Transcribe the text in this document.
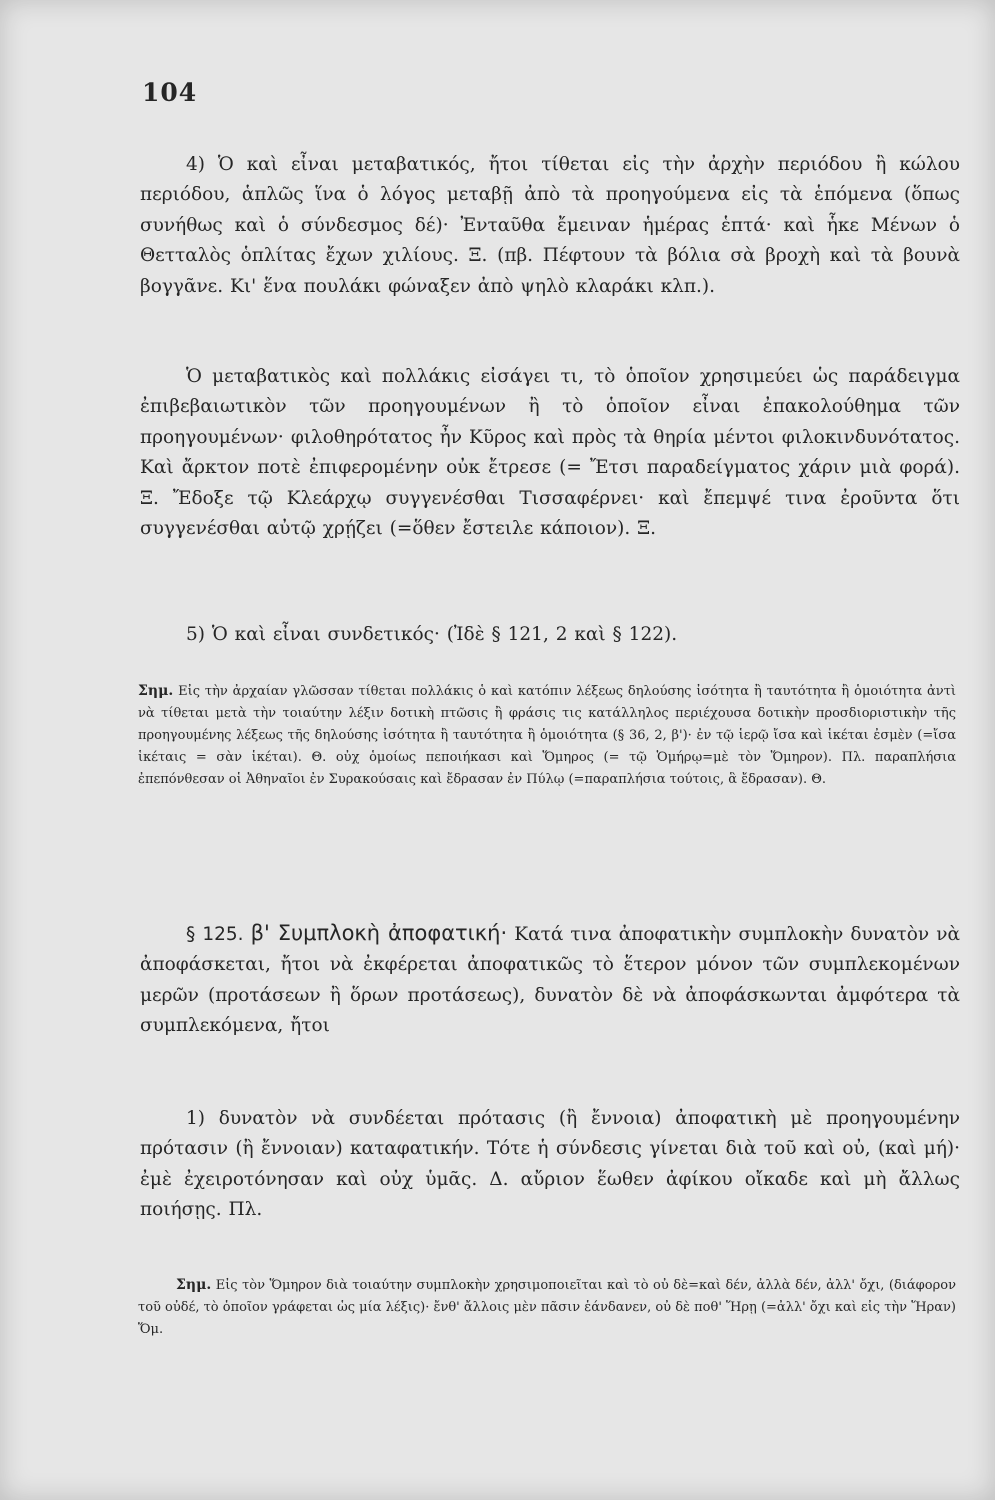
104
4) Ὁ καὶ εἶναι μεταβατικός, ἤτοι τίθεται εἰς τὴν ἀρχὴν περιόδου ἢ κώλου περιόδου, ἁπλῶς ἵνα ὁ λόγος μεταβῇ ἀπὸ τὰ προηγούμενα εἰς τὰ ἑπόμενα (ὅπως συνήθως καὶ ὁ σύνδεσμος δέ)· Ἐνταῦθα ἔμειναν ἡμέρας ἑπτά· καὶ ἧκε Μένων ὁ Θετταλὸς ὁπλίτας ἔχων χιλίους. Ξ. (πβ. Πέφτουν τὰ βόλια σὰ βροχὴ καὶ τὰ βουνὰ βογγᾶνε. Κι' ἕνα πουλάκι φώναξεν ἀπὸ ψηλὸ κλαράκι κλπ.).
Ὁ μεταβατικὸς καὶ πολλάκις εἰσάγει τι, τὸ ὁποῖον χρησιμεύει ὡς παράδειγμα ἐπιβεβαιωτικὸν τῶν προηγουμένων ἢ τὸ ὁποῖον εἶναι ἐπακολούθημα τῶν προηγουμένων· φιλοθηρότατος ἦν Κῦρος καὶ πρὸς τὰ θηρία μέντοι φιλοκινδυνότατος. Καὶ ἄρκτον ποτὲ ἐπιφερομένην οὐκ ἔτρεσε (= Ἔτσι παραδείγματος χάριν μιὰ φορά). Ξ. Ἔδοξε τῷ Κλεάρχῳ συγγενέσθαι Τισσαφέρνει· καὶ ἔπεμψέ τινα ἐροῦντα ὅτι συγγενέσθαι αὐτῷ χρῄζει (=ὅθεν ἔστειλε κάποιον). Ξ.
5) Ὁ καὶ εἶναι συνδετικός· (Ἰδὲ § 121, 2 καὶ § 122).
Σημ. Εἰς τὴν ἀρχαίαν γλῶσσαν τίθεται πολλάκις ὁ καὶ κατόπιν λέξεως δηλούσης ἰσότητα ἢ ταυτότητα ἢ ὁμοιότητα ἀντὶ νὰ τίθεται μετὰ τὴν τοιαύτην λέξιν δοτικὴ πτῶσις ἢ φράσις τις κατάλληλος περιέχουσα δοτικὴν προσδιοριστικὴν τῆς προηγουμένης λέξεως τῆς δηλούσης ἰσότητα ἢ ταυτότητα ἢ ὁμοιότητα (§ 36, 2, β')· ἐν τῷ ἱερῷ ἴσα καὶ ἱκέται ἐσμὲν (=ἴσα ἱκέταις = σὰν ἱκέται). Θ. οὐχ ὁμοίως πεποιήκασι καὶ Ὅμηρος (= τῷ Ὁμήρῳ=μὲ τὸν Ὅμηρον). Πλ. παραπλήσια ἐπεπόνθεσαν οἱ Ἀθηναῖοι ἐν Συρακούσαις καὶ ἔδρασαν ἐν Πύλῳ (=παραπλήσια τούτοις, ἃ ἔδρασαν). Θ.
§ 125. β' Συμπλοκὴ ἀποφατική· Κατά τινα ἀποφατικὴν συμπλοκὴν δυνατὸν νὰ ἀποφάσκεται, ἤτοι νὰ ἐκφέρεται ἀποφατικῶς τὸ ἕτερον μόνον τῶν συμπλεκομένων μερῶν (προτάσεων ἢ ὅρων προτάσεως), δυνατὸν δὲ νὰ ἀποφάσκωνται ἀμφότερα τὰ συμπλεκόμενα, ἤτοι
1) δυνατὸν νὰ συνδέεται πρότασις (ἢ ἔννοια) ἀποφατικὴ μὲ προηγουμένην πρότασιν (ἢ ἔννοιαν) καταφατικήν. Τότε ἡ σύνδεσις γίνεται διὰ τοῦ καὶ οὐ, (καὶ μή)· ἐμὲ ἐχειροτόνησαν καὶ οὐχ ὑμᾶς. Δ. αὔριον ἕωθεν ἀφίκου οἴκαδε καὶ μὴ ἄλλως ποιήσῃς. Πλ.
Σημ. Εἰς τὸν Ὅμηρον διὰ τοιαύτην συμπλοκὴν χρησιμοποιεῖται καὶ τὸ οὐ δὲ=καὶ δέν, ἀλλὰ δέν, ἀλλ' ὄχι, (διάφορον τοῦ οὐδέ, τὸ ὁποῖον γράφεται ὡς μία λέξις)· ἔνθ' ἄλλοις μὲν πᾶσιν ἑάνδανεν, οὐ δὲ ποθ' Ἥρῃ (=ἀλλ' ὄχι καὶ εἰς τὴν Ἥραν) Ὅμ.
